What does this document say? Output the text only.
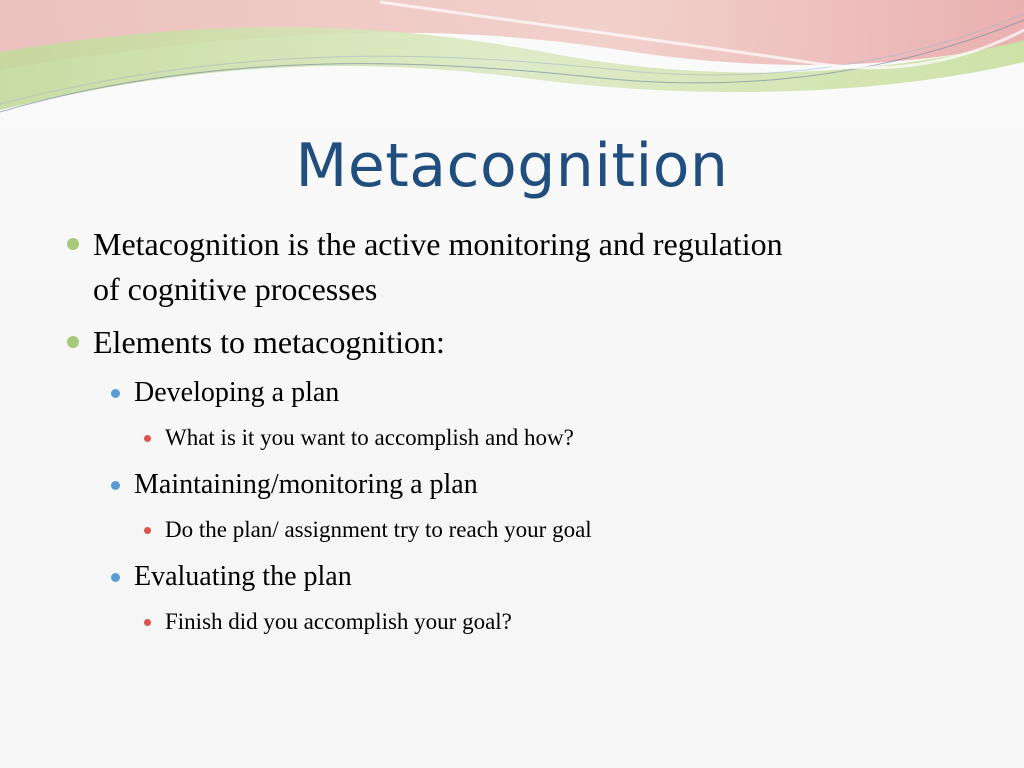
Metacognition
Metacognition is the active monitoring and regulation
of cognitive processes
Elements to metacognition:
Developing a plan
What is it you want to accomplish and how?
Maintaining/monitoring a plan
Do the plan/ assignment try to reach your goal
Evaluating the plan
Finish did you accomplish your goal?
